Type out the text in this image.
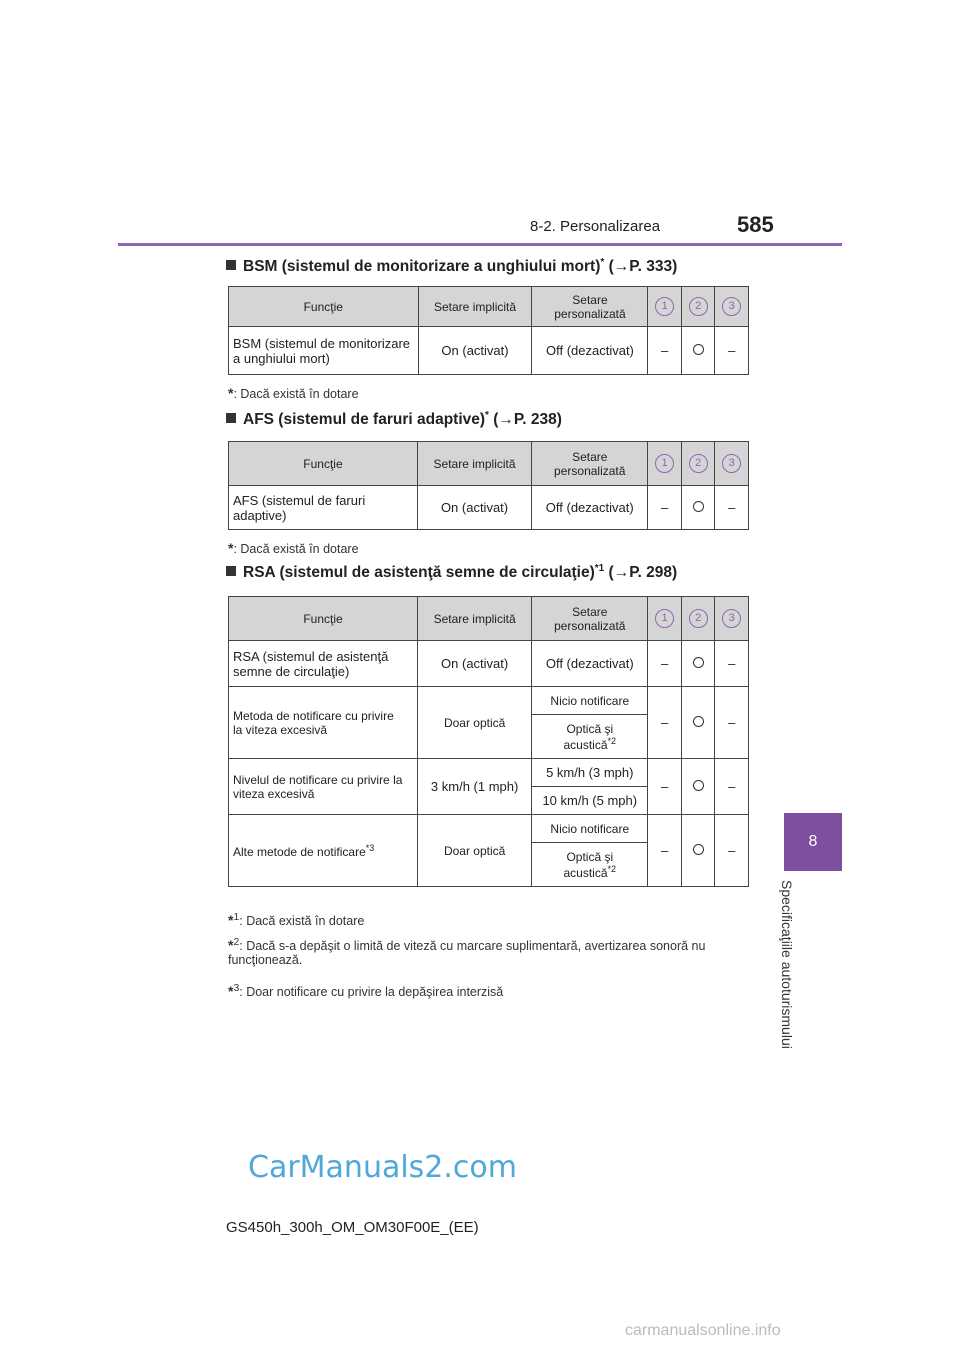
8-2. Personalizarea	585
8
Specificaţiile autoturismului
BSM (sistemul de monitorizare a unghiului mort)* (→P. 333)
Funcţie	Setare implicită	Setare
personalizată	1	2	3
BSM (sistemul de monitorizare
a unghiului mort)	On (activat)	Off (dezactivat)	–		–
*: Dacă există în dotare
AFS (sistemul de faruri adaptive)* (→P. 238)
Funcţie	Setare implicită	Setare
personalizată	1	2	3
AFS (sistemul de faruri
adaptive)	On (activat)	Off (dezactivat)	–		–
*: Dacă există în dotare
RSA (sistemul de asistenţă semne de circulaţie)$^{*1}$ (→P. 298)
Funcţie	Setare implicită	Setare
personalizată	1	2	3
RSA (sistemul de asistenţă
semne de circulaţie)	On (activat)	Off (dezactivat)	–		–
Metoda de notificare cu privire
la viteza excesivă	Doar optică	Nicio notificare	–		–
		Optică şi
acustică$^{*2}$
Nivelul de notificare cu privire la
viteza excesivă	3 km/h (1 mph)	5 km/h (3 mph)	–		–
		10 km/h (5 mph)			
Alte metode de notificare$^{*3}$	Doar optică	Nicio notificare	–		–
		Optică şi
acustică$^{*2}$
*$^1$: Dacă există în dotare
*$^2$: Dacă s-a depăşit o limită de viteză cu marcare suplimentară, avertizarea sonoră nu funcţionează.
*$^3$: Doar notificare cu privire la depăşirea interzisă
CarManuals2.com
GS450h_300h_OM_OM30F00E_(EE)
carmanualsonline.info
